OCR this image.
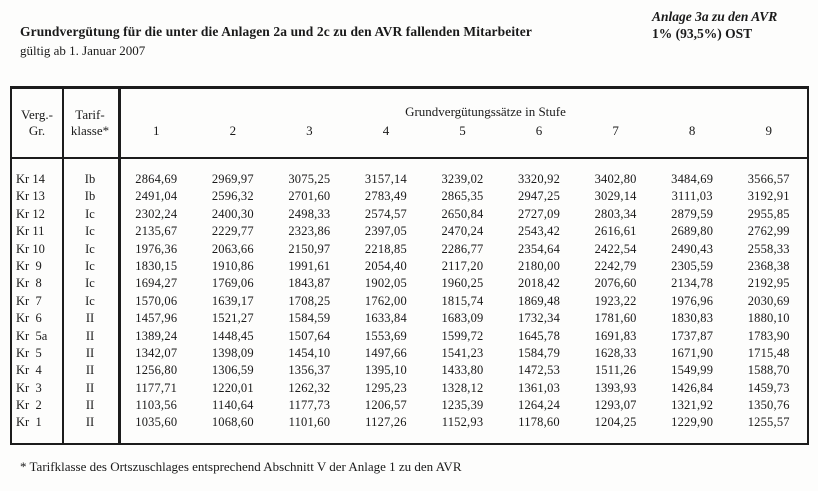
Grundvergütung für die unter die Anlagen 2a und 2c zu den AVR fallenden Mitarbeiter
gültig ab 1. Januar 2007
Anlage 3a zu den AVR
1% (93,5%) OST
Verg.-
Gr.
Tarif-
klasse*
Grundvergütungssätze in Stufe
1	2	3	4	5	6	7	8	9
Kr 14	Ib	2864,69	2969,97	3075,25	3157,14	3239,02	3320,92	3402,80	3484,69	3566,57
Kr 13	Ib	2491,04	2596,32	2701,60	2783,49	2865,35	2947,25	3029,14	3111,03	3192,91
Kr 12	Ic	2302,24	2400,30	2498,33	2574,57	2650,84	2727,09	2803,34	2879,59	2955,85
Kr 11	Ic	2135,67	2229,77	2323,86	2397,05	2470,24	2543,42	2616,61	2689,80	2762,99
Kr 10	Ic	1976,36	2063,66	2150,97	2218,85	2286,77	2354,64	2422,54	2490,43	2558,33
Kr  9	Ic	1830,15	1910,86	1991,61	2054,40	2117,20	2180,00	2242,79	2305,59	2368,38
Kr  8	Ic	1694,27	1769,06	1843,87	1902,05	1960,25	2018,42	2076,60	2134,78	2192,95
Kr  7	Ic	1570,06	1639,17	1708,25	1762,00	1815,74	1869,48	1923,22	1976,96	2030,69
Kr  6	II	1457,96	1521,27	1584,59	1633,84	1683,09	1732,34	1781,60	1830,83	1880,10
Kr  5a	II	1389,24	1448,45	1507,64	1553,69	1599,72	1645,78	1691,83	1737,87	1783,90
Kr  5	II	1342,07	1398,09	1454,10	1497,66	1541,23	1584,79	1628,33	1671,90	1715,48
Kr  4	II	1256,80	1306,59	1356,37	1395,10	1433,80	1472,53	1511,26	1549,99	1588,70
Kr  3	II	1177,71	1220,01	1262,32	1295,23	1328,12	1361,03	1393,93	1426,84	1459,73
Kr  2	II	1103,56	1140,64	1177,73	1206,57	1235,39	1264,24	1293,07	1321,92	1350,76
Kr  1	II	1035,60	1068,60	1101,60	1127,26	1152,93	1178,60	1204,25	1229,90	1255,57
* Tarifklasse des Ortszuschlages entsprechend Abschnitt V der Anlage 1 zu den AVR
